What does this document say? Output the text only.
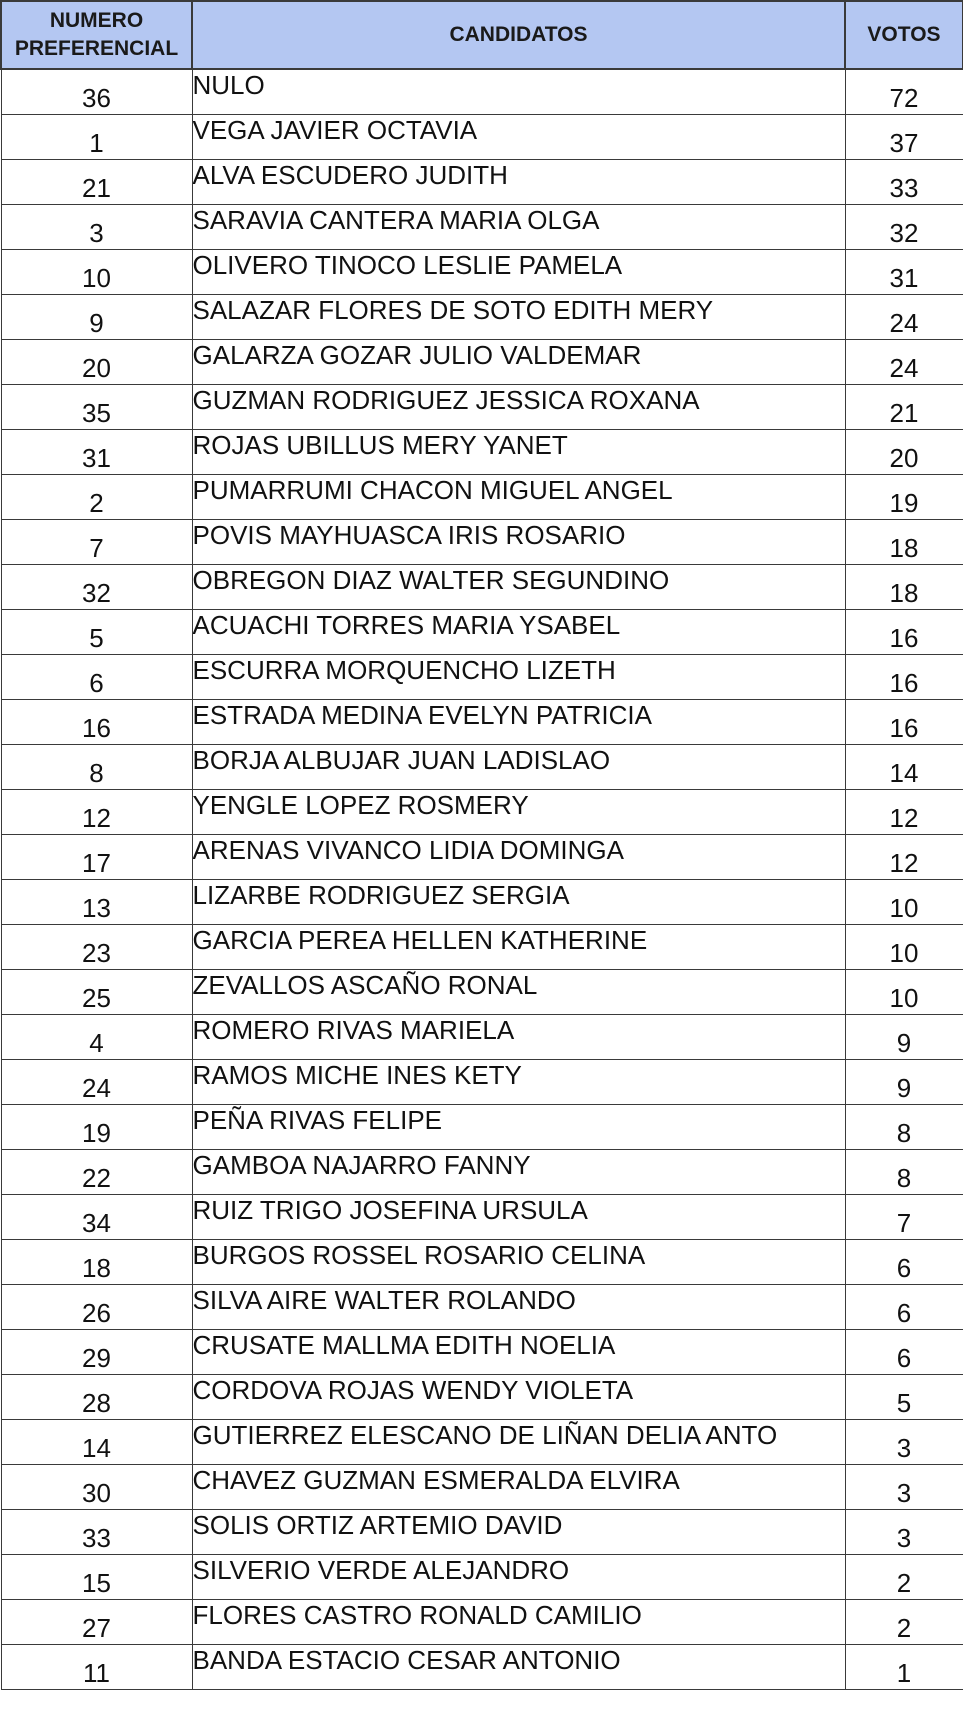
NUMERO
PREFERENCIAL	CANDIDATOS	VOTOS
36	NULO	72
1	VEGA JAVIER OCTAVIA	37
21	ALVA ESCUDERO JUDITH	33
3	SARAVIA CANTERA MARIA OLGA	32
10	OLIVERO TINOCO LESLIE PAMELA	31
9	SALAZAR FLORES DE SOTO EDITH MERY	24
20	GALARZA GOZAR JULIO VALDEMAR	24
35	GUZMAN RODRIGUEZ JESSICA ROXANA	21
31	ROJAS UBILLUS MERY YANET	20
2	PUMARRUMI CHACON MIGUEL ANGEL	19
7	POVIS MAYHUASCA IRIS ROSARIO	18
32	OBREGON DIAZ WALTER SEGUNDINO	18
5	ACUACHI TORRES MARIA YSABEL	16
6	ESCURRA MORQUENCHO LIZETH	16
16	ESTRADA MEDINA EVELYN PATRICIA	16
8	BORJA ALBUJAR JUAN LADISLAO	14
12	YENGLE LOPEZ ROSMERY	12
17	ARENAS VIVANCO LIDIA DOMINGA	12
13	LIZARBE RODRIGUEZ SERGIA	10
23	GARCIA PEREA HELLEN KATHERINE	10
25	ZEVALLOS ASCAÑO RONAL	10
4	ROMERO RIVAS MARIELA	9
24	RAMOS MICHE INES KETY	9
19	PEÑA RIVAS FELIPE	8
22	GAMBOA NAJARRO FANNY	8
34	RUIZ TRIGO JOSEFINA URSULA	7
18	BURGOS ROSSEL ROSARIO CELINA	6
26	SILVA AIRE WALTER ROLANDO	6
29	CRUSATE MALLMA EDITH NOELIA	6
28	CORDOVA ROJAS WENDY VIOLETA	5
14	GUTIERREZ ELESCANO DE LIÑAN DELIA ANTO	3
30	CHAVEZ GUZMAN ESMERALDA ELVIRA	3
33	SOLIS ORTIZ ARTEMIO DAVID	3
15	SILVERIO VERDE ALEJANDRO	2
27	FLORES CASTRO RONALD CAMILIO	2
11	BANDA ESTACIO CESAR ANTONIO	1
